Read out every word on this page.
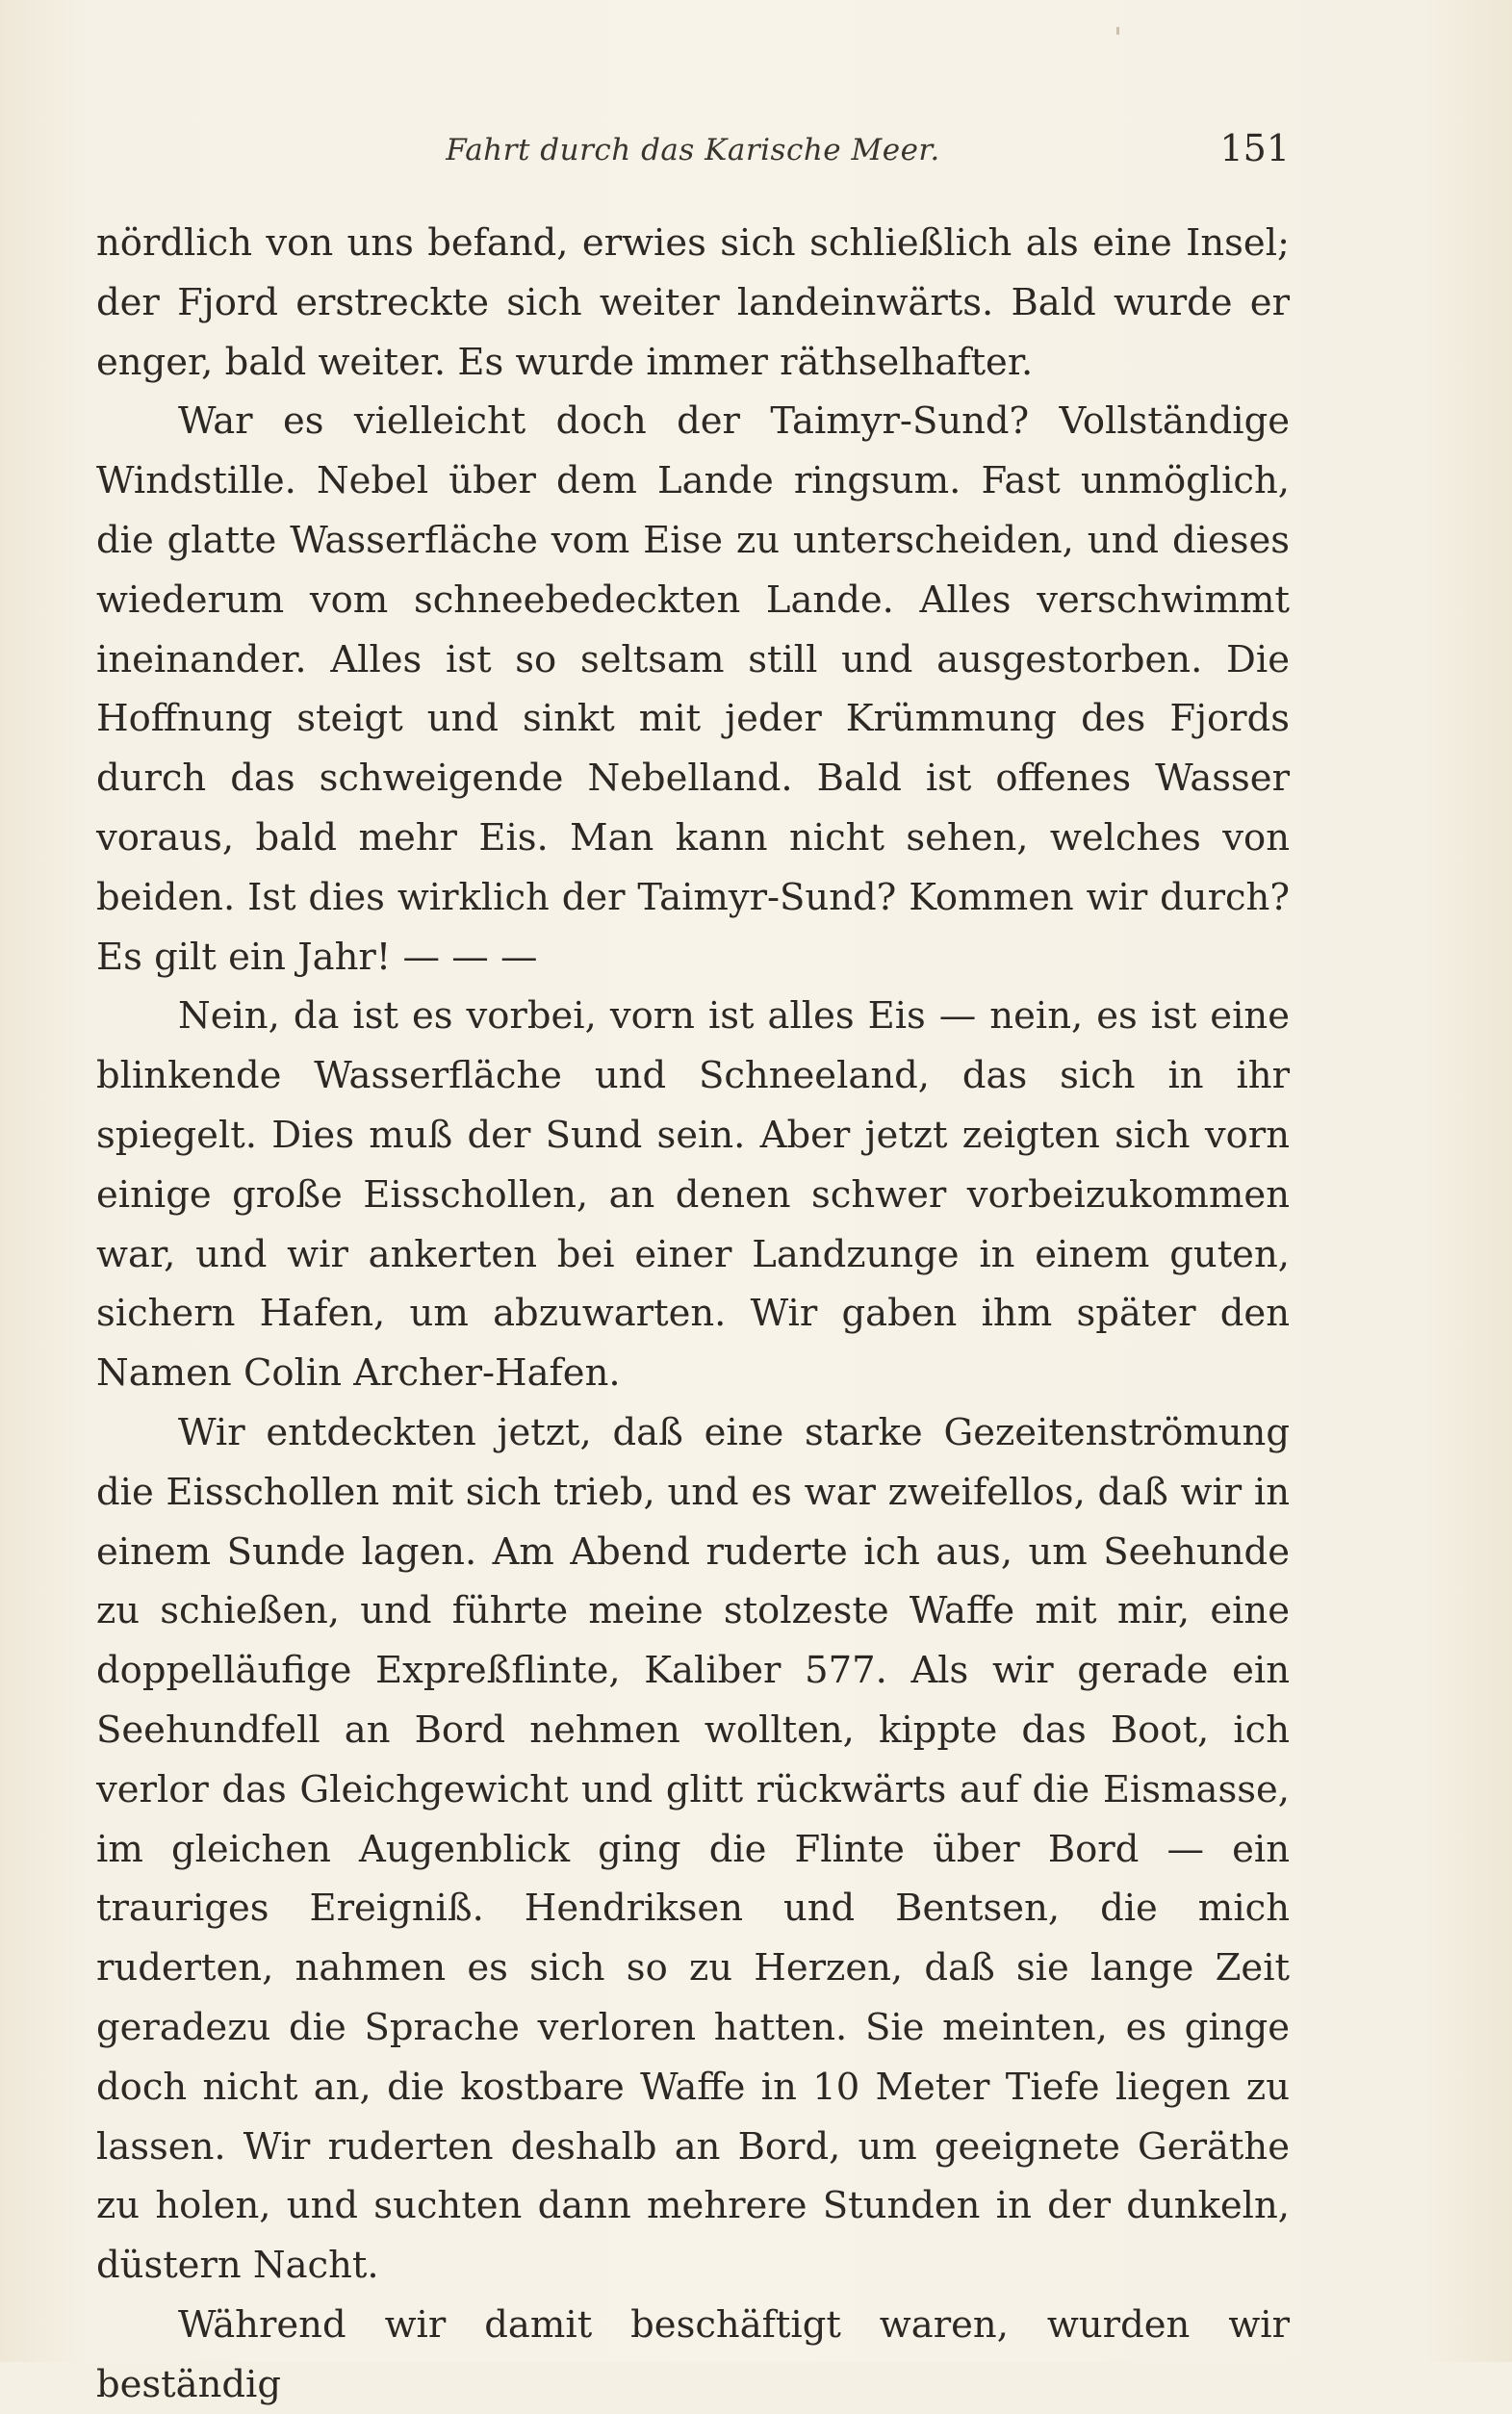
Fahrt durch das Karische Meer.	151

nördlich von uns befand, erwies sich schließlich als eine Insel; der Fjord erstreckte sich weiter landeinwärts. Bald wurde er enger, bald weiter. Es wurde immer räthselhafter.

War es vielleicht doch der Taimyr-Sund? Vollständige Windstille. Nebel über dem Lande ringsum. Fast unmöglich, die glatte Wasserfläche vom Eise zu unterscheiden, und dieses wiederum vom schneebedeckten Lande. Alles verschwimmt ineinander. Alles ist so seltsam still und ausgestorben. Die Hoffnung steigt und sinkt mit jeder Krümmung des Fjords durch das schweigende Nebelland. Bald ist offenes Wasser voraus, bald mehr Eis. Man kann nicht sehen, welches von beiden. Ist dies wirklich der Taimyr-Sund? Kommen wir durch? Es gilt ein Jahr! — — —

Nein, da ist es vorbei, vorn ist alles Eis — nein, es ist eine blinkende Wasserfläche und Schneeland, das sich in ihr spiegelt. Dies muß der Sund sein. Aber jetzt zeigten sich vorn einige große Eisschollen, an denen schwer vorbeizukommen war, und wir ankerten bei einer Landzunge in einem guten, sichern Hafen, um abzuwarten. Wir gaben ihm später den Namen Colin Archer-Hafen.

Wir entdeckten jetzt, daß eine starke Gezeitenströmung die Eisschollen mit sich trieb, und es war zweifellos, daß wir in einem Sunde lagen. Am Abend ruderte ich aus, um Seehunde zu schießen, und führte meine stolzeste Waffe mit mir, eine doppelläufige Expreßflinte, Kaliber 577. Als wir gerade ein Seehundfell an Bord nehmen wollten, kippte das Boot, ich verlor das Gleichgewicht und glitt rückwärts auf die Eismasse, im gleichen Augenblick ging die Flinte über Bord — ein trauriges Ereigniß. Hendriksen und Bentsen, die mich ruderten, nahmen es sich so zu Herzen, daß sie lange Zeit geradezu die Sprache verloren hatten. Sie meinten, es ginge doch nicht an, die kostbare Waffe in 10 Meter Tiefe liegen zu lassen. Wir ruderten deshalb an Bord, um geeignete Geräthe zu holen, und suchten dann mehrere Stunden in der dunkeln, düstern Nacht.

Während wir damit beschäftigt waren, wurden wir beständig
